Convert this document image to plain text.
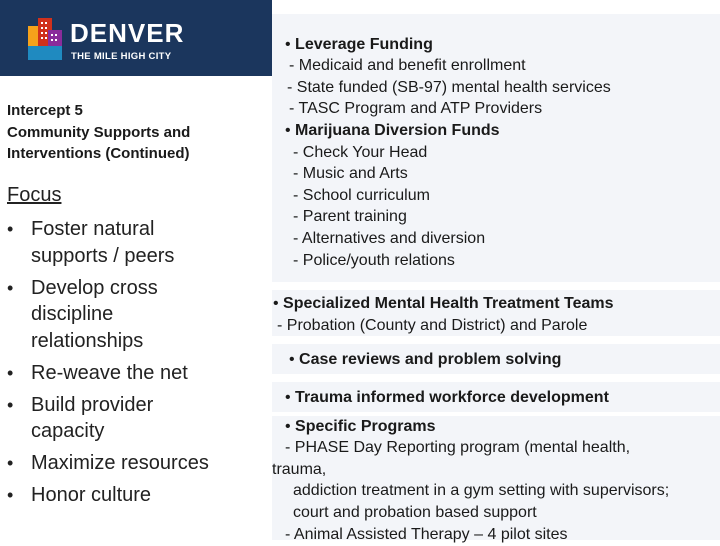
DENVER
THE MILE HIGH CITY
Intercept 5
Community Supports and
Interventions (Continued)
Focus
• Foster natural
supports / peers
• Develop cross
discipline
relationships
• Re-weave the net
• Build provider
capacity
• Maximize resources
• Honor culture
• Leverage Funding
- Medicaid and benefit enrollment
- State funded (SB-97) mental health services
- TASC Program and ATP Providers
• Marijuana Diversion Funds
- Check Your Head
- Music and Arts
- School curriculum
- Parent training
- Alternatives and diversion
- Police/youth relations
• Specialized Mental Health Treatment Teams
- Probation (County and District) and Parole
• Case reviews and problem solving
• Trauma informed workforce development
• Specific Programs
- PHASE Day Reporting program (mental health,
trauma,
addiction treatment in a gym setting with supervisors;
court and probation based support
- Animal Assisted Therapy – 4 pilot sites
